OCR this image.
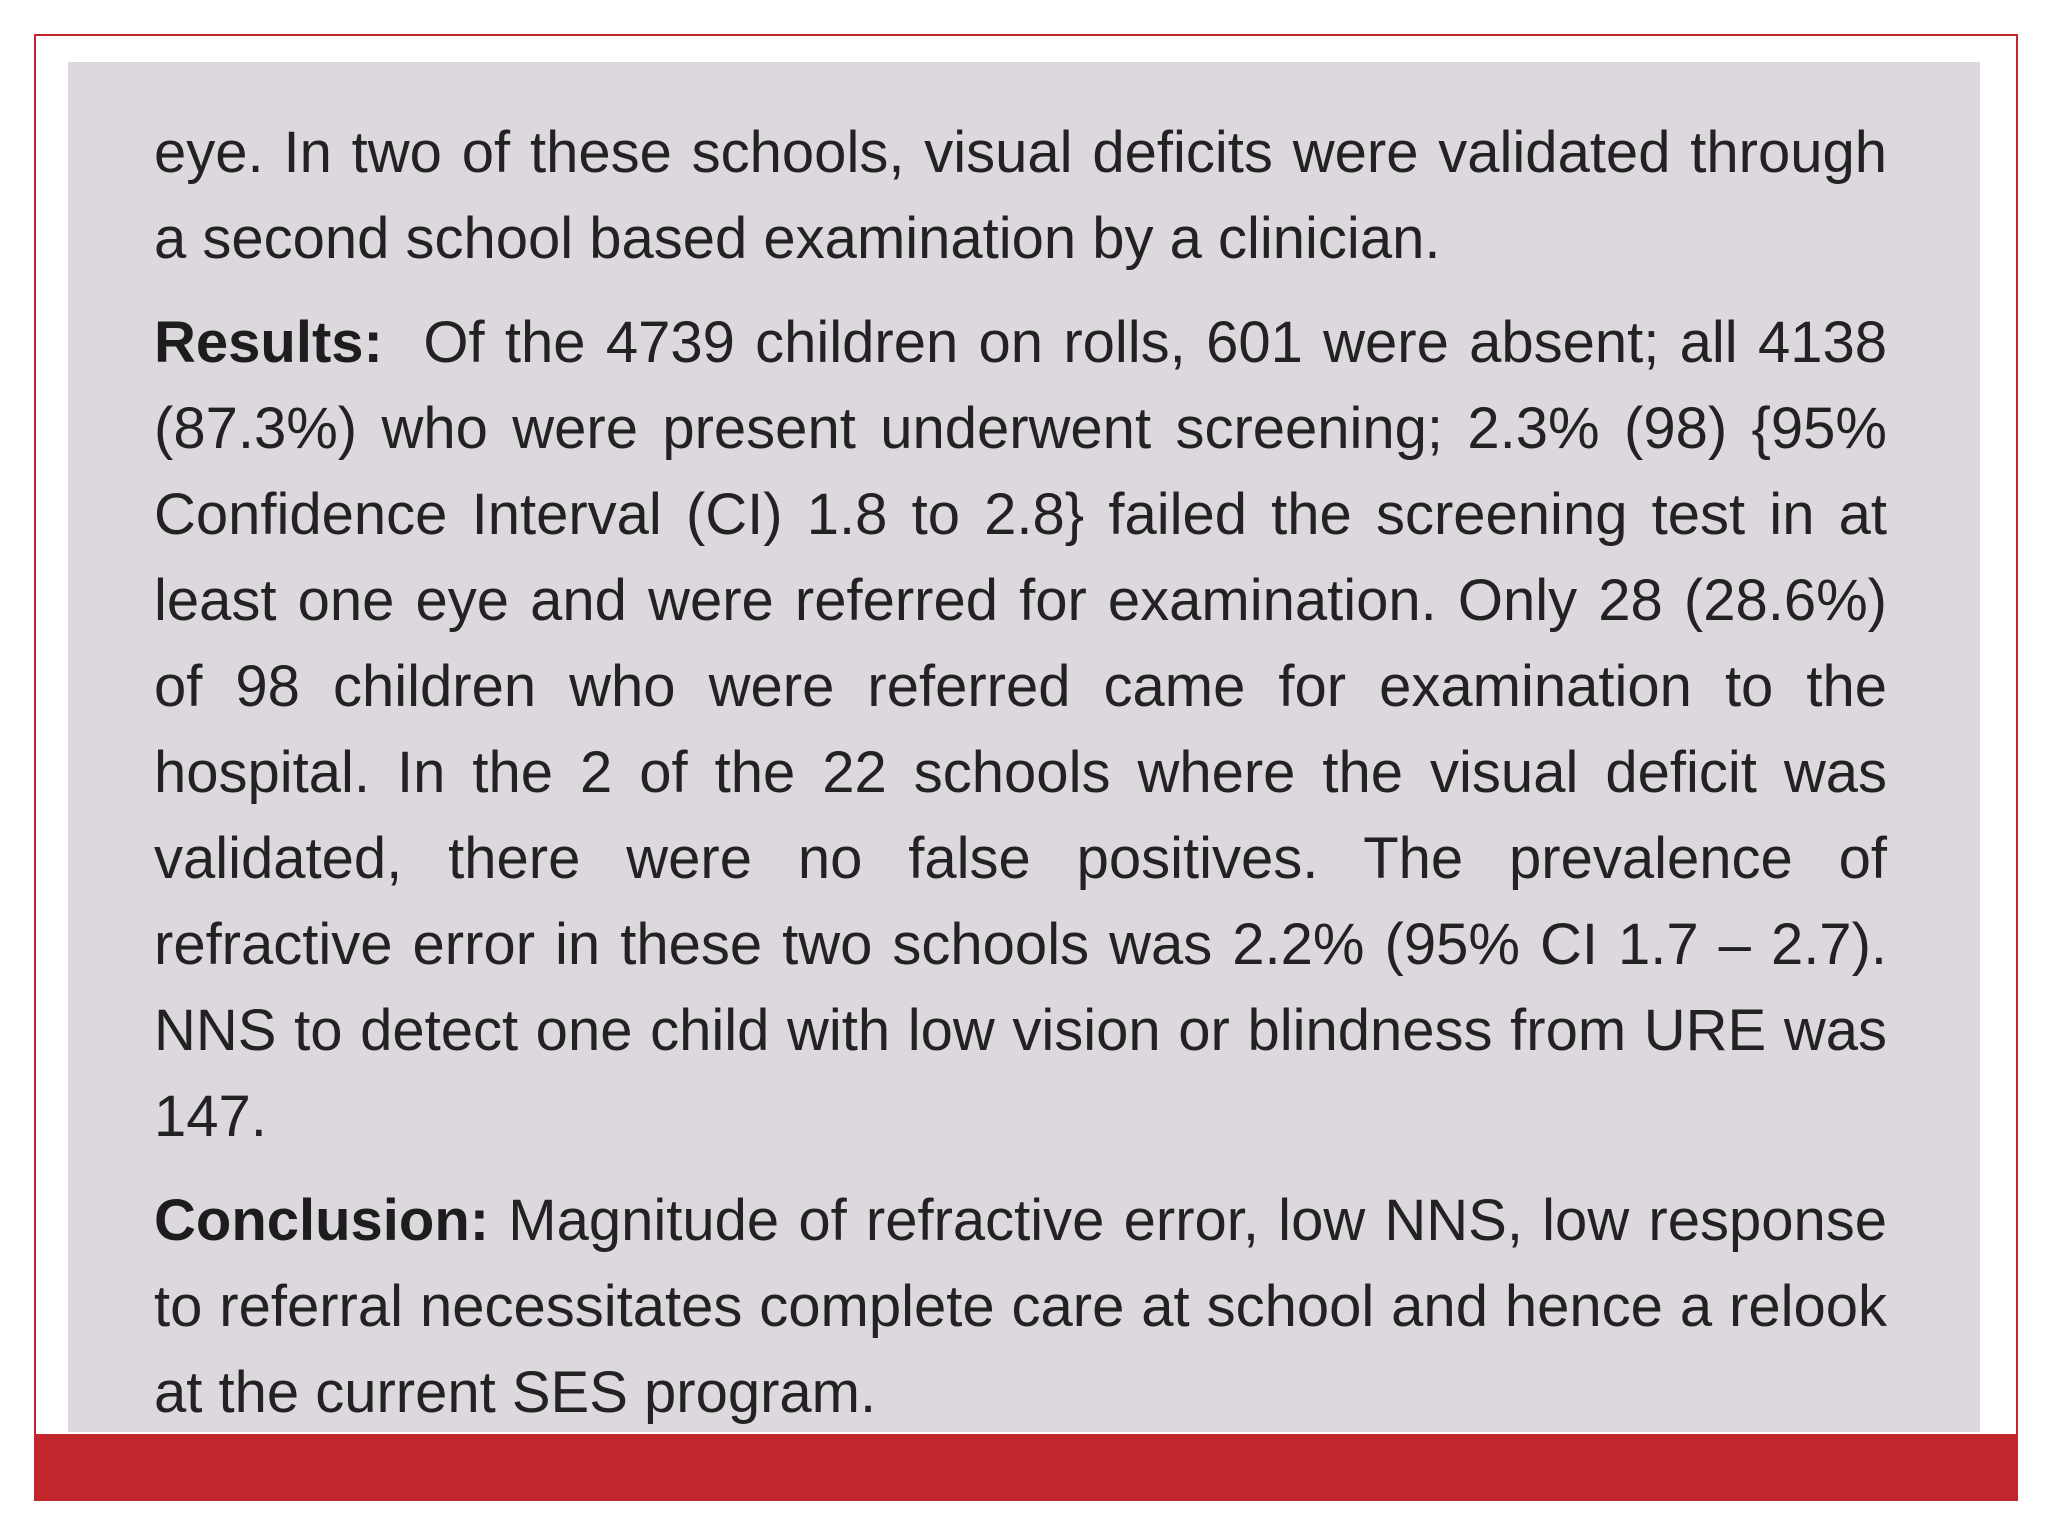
eye. In two of these schools, visual deficits were validated through a second school based examination by a clinician.

Results: Of the 4739 children on rolls, 601 were absent; all 4138 (87.3%) who were present underwent screening; 2.3% (98) {95% Confidence Interval (CI) 1.8 to 2.8} failed the screening test in at least one eye and were referred for examination. Only 28 (28.6%) of 98 children who were referred came for examination to the hospital. In the 2 of the 22 schools where the visual deficit was validated, there were no false positives. The prevalence of refractive error in these two schools was 2.2% (95% CI 1.7 – 2.7). NNS to detect one child with low vision or blindness from URE was 147.

Conclusion: Magnitude of refractive error, low NNS, low response to referral necessitates complete care at school and hence a relook at the current SES program.
